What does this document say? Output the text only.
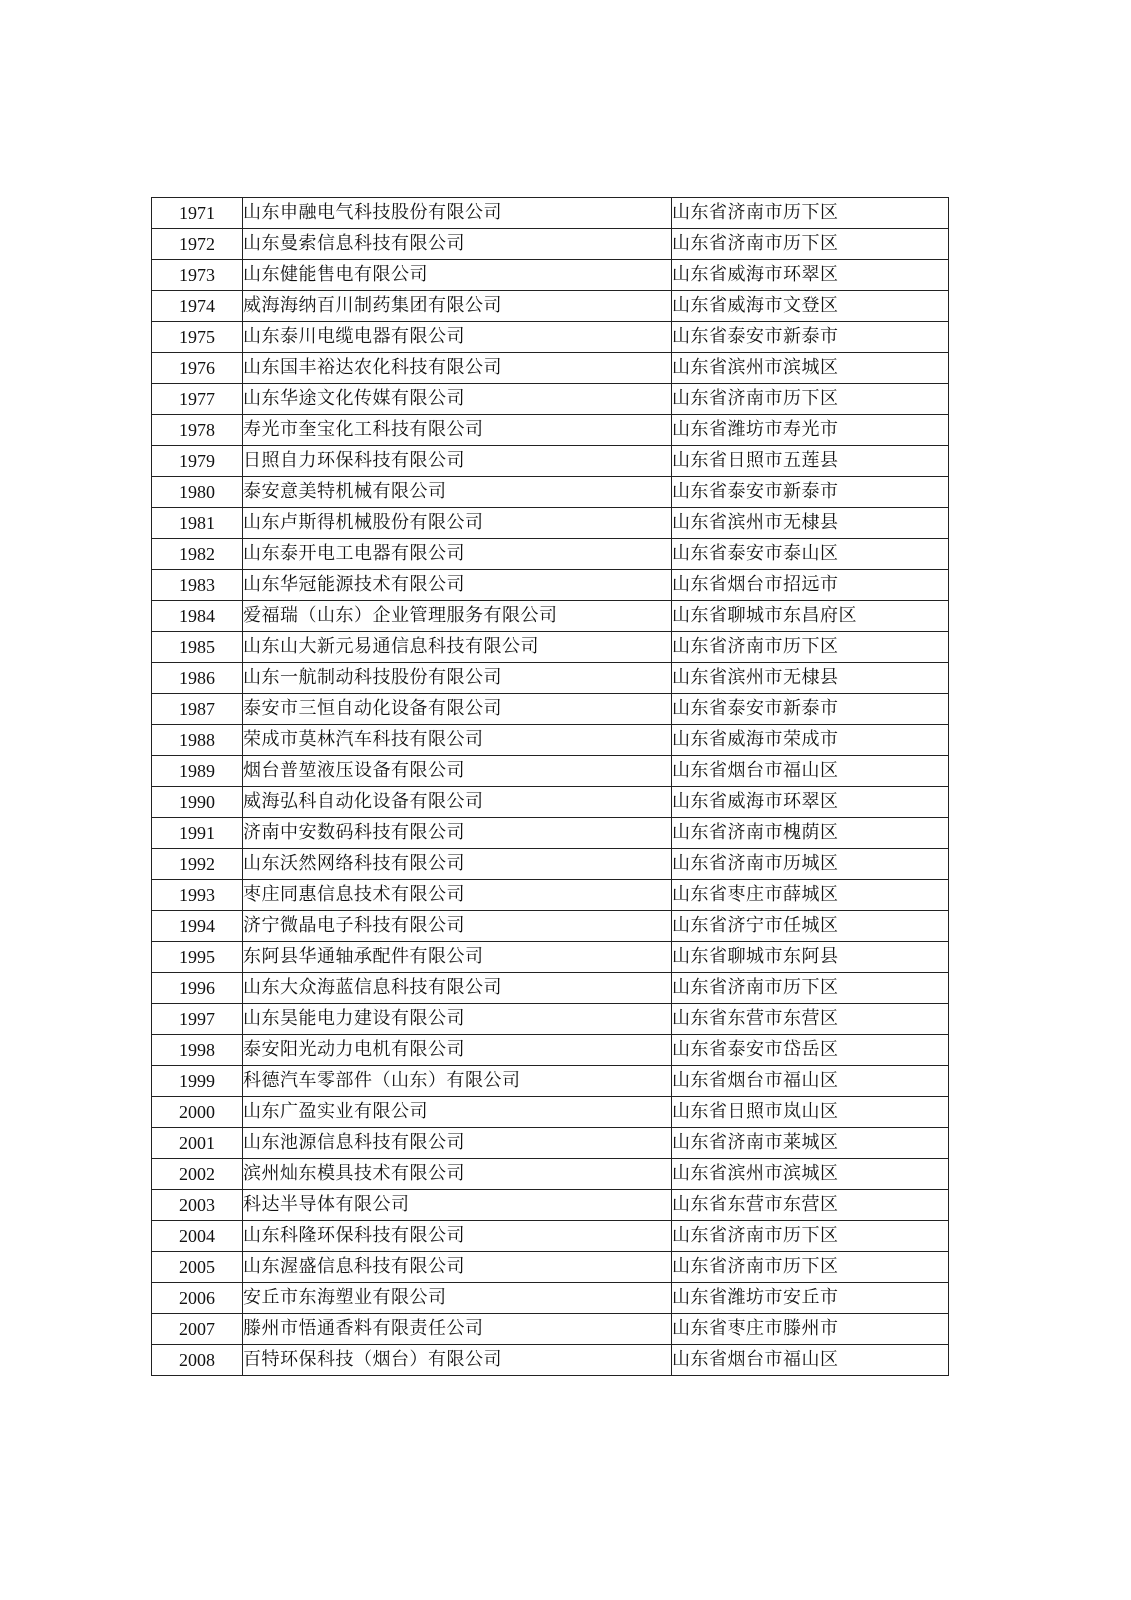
1971	山东申融电气科技股份有限公司	山东省济南市历下区
1972	山东曼索信息科技有限公司	山东省济南市历下区
1973	山东健能售电有限公司	山东省威海市环翠区
1974	威海海纳百川制药集团有限公司	山东省威海市文登区
1975	山东泰川电缆电器有限公司	山东省泰安市新泰市
1976	山东国丰裕达农化科技有限公司	山东省滨州市滨城区
1977	山东华途文化传媒有限公司	山东省济南市历下区
1978	寿光市奎宝化工科技有限公司	山东省潍坊市寿光市
1979	日照自力环保科技有限公司	山东省日照市五莲县
1980	泰安意美特机械有限公司	山东省泰安市新泰市
1981	山东卢斯得机械股份有限公司	山东省滨州市无棣县
1982	山东泰开电工电器有限公司	山东省泰安市泰山区
1983	山东华冠能源技术有限公司	山东省烟台市招远市
1984	爱福瑞（山东）企业管理服务有限公司	山东省聊城市东昌府区
1985	山东山大新元易通信息科技有限公司	山东省济南市历下区
1986	山东一航制动科技股份有限公司	山东省滨州市无棣县
1987	泰安市三恒自动化设备有限公司	山东省泰安市新泰市
1988	荣成市莫林汽车科技有限公司	山东省威海市荣成市
1989	烟台普堃液压设备有限公司	山东省烟台市福山区
1990	威海弘科自动化设备有限公司	山东省威海市环翠区
1991	济南中安数码科技有限公司	山东省济南市槐荫区
1992	山东沃然网络科技有限公司	山东省济南市历城区
1993	枣庄同惠信息技术有限公司	山东省枣庄市薛城区
1994	济宁微晶电子科技有限公司	山东省济宁市任城区
1995	东阿县华通轴承配件有限公司	山东省聊城市东阿县
1996	山东大众海蓝信息科技有限公司	山东省济南市历下区
1997	山东昊能电力建设有限公司	山东省东营市东营区
1998	泰安阳光动力电机有限公司	山东省泰安市岱岳区
1999	科德汽车零部件（山东）有限公司	山东省烟台市福山区
2000	山东广盈实业有限公司	山东省日照市岚山区
2001	山东池源信息科技有限公司	山东省济南市莱城区
2002	滨州灿东模具技术有限公司	山东省滨州市滨城区
2003	科达半导体有限公司	山东省东营市东营区
2004	山东科隆环保科技有限公司	山东省济南市历下区
2005	山东渥盛信息科技有限公司	山东省济南市历下区
2006	安丘市东海塑业有限公司	山东省潍坊市安丘市
2007	滕州市悟通香料有限责任公司	山东省枣庄市滕州市
2008	百特环保科技（烟台）有限公司	山东省烟台市福山区
